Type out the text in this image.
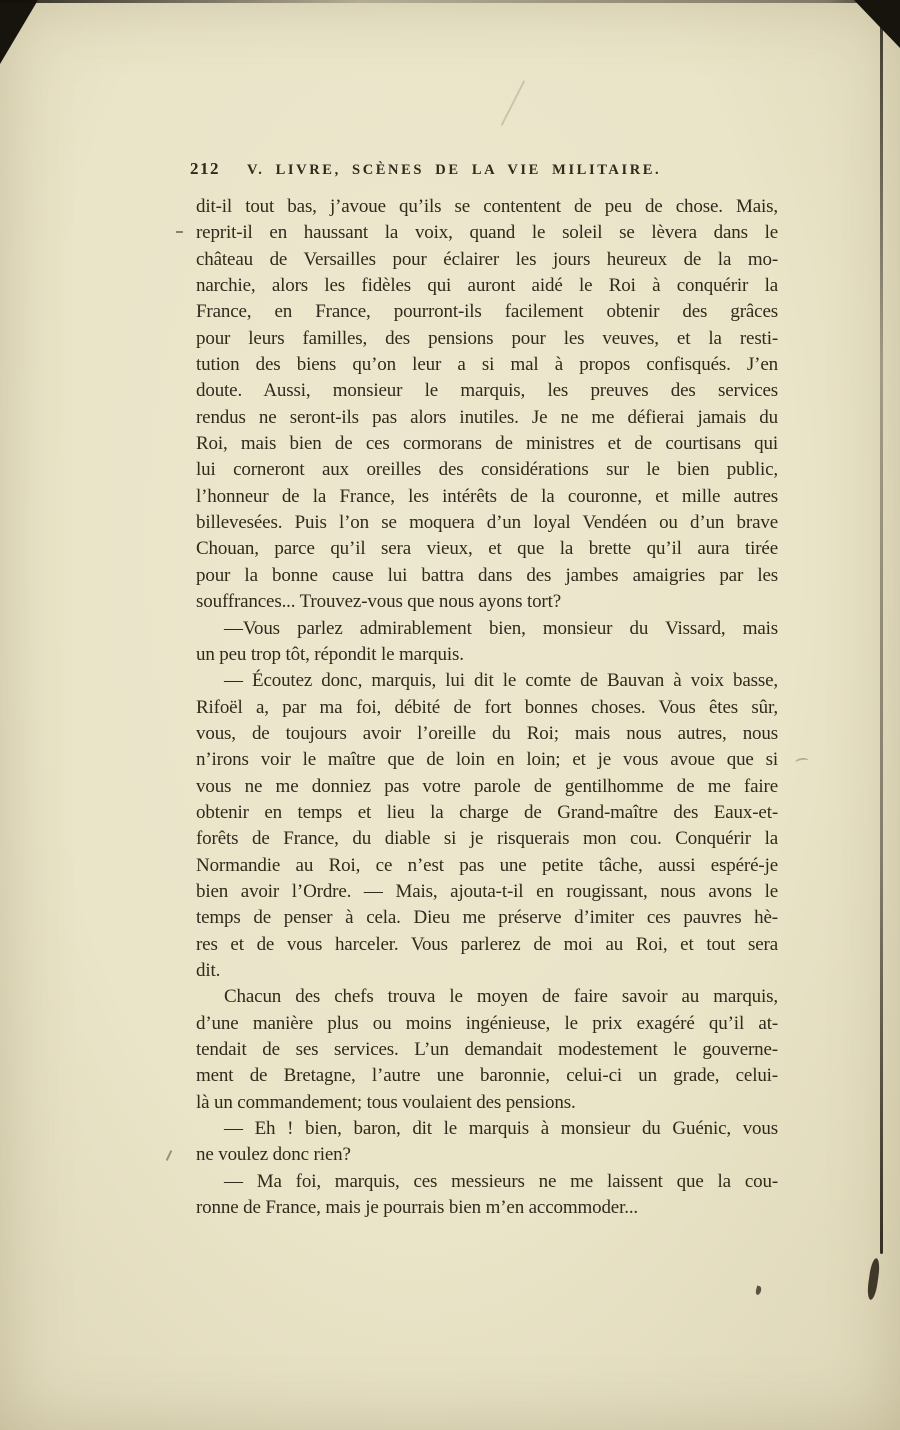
212 V. LIVRE, SCÈNES DE LA VIE MILITAIRE.
dit-il tout bas, j’avoue qu’ils se contentent de peu de chose. Mais,
reprit-il en haussant la voix, quand le soleil se lèvera dans le
château de Versailles pour éclairer les jours heureux de la mo-
narchie, alors les fidèles qui auront aidé le Roi à conquérir la
France, en France, pourront-ils facilement obtenir des grâces
pour leurs familles, des pensions pour les veuves, et la resti-
tution des biens qu’on leur a si mal à propos confisqués. J’en
doute. Aussi, monsieur le marquis, les preuves des services
rendus ne seront-ils pas alors inutiles. Je ne me défierai jamais du
Roi, mais bien de ces cormorans de ministres et de courtisans qui
lui corneront aux oreilles des considérations sur le bien public,
l’honneur de la France, les intérêts de la couronne, et mille autres
billevesées. Puis l’on se moquera d’un loyal Vendéen ou d’un brave
Chouan, parce qu’il sera vieux, et que la brette qu’il aura tirée
pour la bonne cause lui battra dans des jambes amaigries par les
souffrances... Trouvez-vous que nous ayons tort?
—Vous parlez admirablement bien, monsieur du Vissard, mais
un peu trop tôt, répondit le marquis.
— Écoutez donc, marquis, lui dit le comte de Bauvan à voix basse,
Rifoël a, par ma foi, débité de fort bonnes choses. Vous êtes sûr,
vous, de toujours avoir l’oreille du Roi; mais nous autres, nous
n’irons voir le maître que de loin en loin; et je vous avoue que si
vous ne me donniez pas votre parole de gentilhomme de me faire
obtenir en temps et lieu la charge de Grand-maître des Eaux-et-
forêts de France, du diable si je risquerais mon cou. Conquérir la
Normandie au Roi, ce n’est pas une petite tâche, aussi espéré-je
bien avoir l’Ordre. — Mais, ajouta-t-il en rougissant, nous avons le
temps de penser à cela. Dieu me préserve d’imiter ces pauvres hè-
res et de vous harceler. Vous parlerez de moi au Roi, et tout sera
dit.
Chacun des chefs trouva le moyen de faire savoir au marquis,
d’une manière plus ou moins ingénieuse, le prix exagéré qu’il at-
tendait de ses services. L’un demandait modestement le gouverne-
ment de Bretagne, l’autre une baronnie, celui-ci un grade, celui-
là un commandement; tous voulaient des pensions.
— Eh ! bien, baron, dit le marquis à monsieur du Guénic, vous
ne voulez donc rien?
— Ma foi, marquis, ces messieurs ne me laissent que la cou-
ronne de France, mais je pourrais bien m’en accommoder...
